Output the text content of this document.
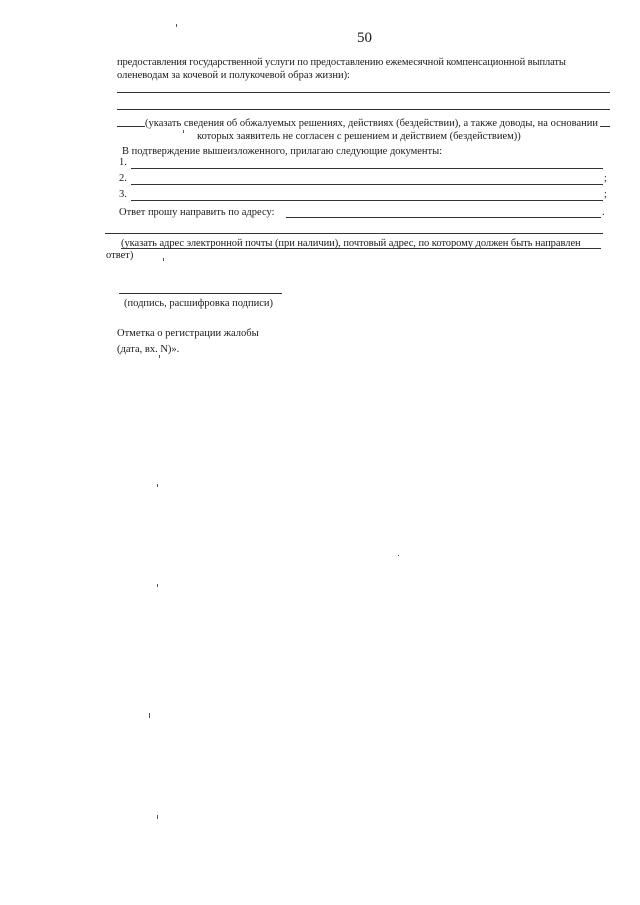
50
предоставления государственной услуги по предоставлению ежемесячной компенсационной выплаты
оленеводам за кочевой и полукочевой образ жизни):
(указать сведения об обжалуемых решениях, действиях (бездействии), а также доводы, на основании
которых заявитель не согласен с решением и действием (бездействием))
В подтверждение вышеизложенного, прилагаю следующие документы:
1.
2.	;
3.	;
Ответ прошу направить по адресу:	.
(указать адрес электронной почты (при наличии), почтовый адрес, по которому должен быть направлен
ответ)
(подпись, расшифровка подписи)
Отметка о регистрации жалобы
(дата, вх. N)».
